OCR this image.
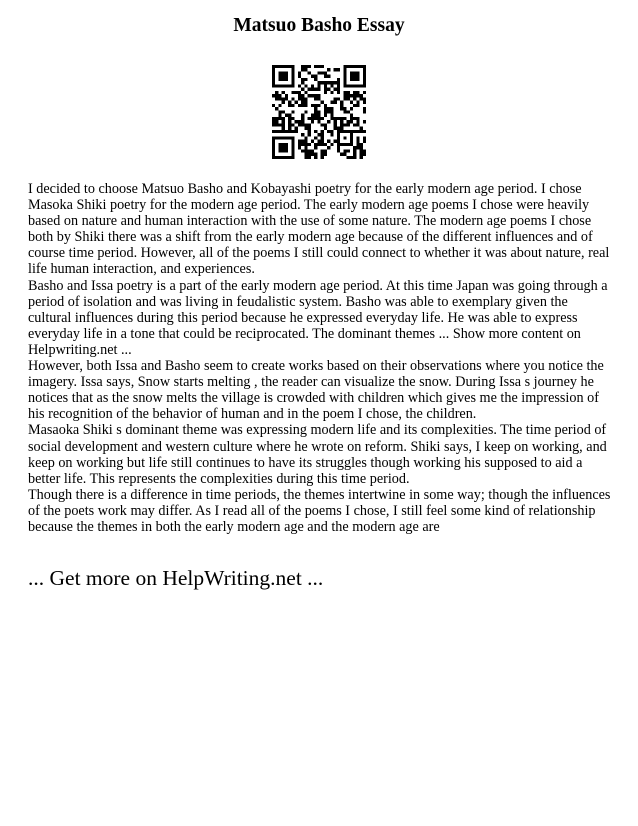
Matsuo Basho Essay

I decided to choose Matsuo Basho and Kobayashi poetry for the early modern age period. I chose Masoka Shiki poetry for the modern age period. The early modern age poems I chose were heavily based on nature and human interaction with the use of some nature. The modern age poems I chose both by Shiki there was a shift from the early modern age because of the different influences and of course time period. However, all of the poems I still could connect to whether it was about nature, real life human interaction, and experiences.

Basho and Issa poetry is a part of the early modern age period. At this time Japan was going through a period of isolation and was living in feudalistic system. Basho was able to exemplary given the cultural influences during this period because he expressed everyday life. He was able to express everyday life in a tone that could be reciprocated. The dominant themes ... Show more content on Helpwriting.net ...

However, both Issa and Basho seem to create works based on their observations where you notice the imagery. Issa says, Snow starts melting , the reader can visualize the snow. During Issa s journey he notices that as the snow melts the village is crowded with children which gives me the impression of his recognition of the behavior of human and in the poem I chose, the children.

Masaoka Shiki s dominant theme was expressing modern life and its complexities. The time period of social development and western culture where he wrote on reform. Shiki says, I keep on working, and keep on working but life still continues to have its struggles though working his supposed to aid a better life. This represents the complexities during this time period.

Though there is a difference in time periods, the themes intertwine in some way; though the influences of the poets work may differ. As I read all of the poems I chose, I still feel some kind of relationship because the themes in both the early modern age and the modern age are

... Get more on HelpWriting.net ...
